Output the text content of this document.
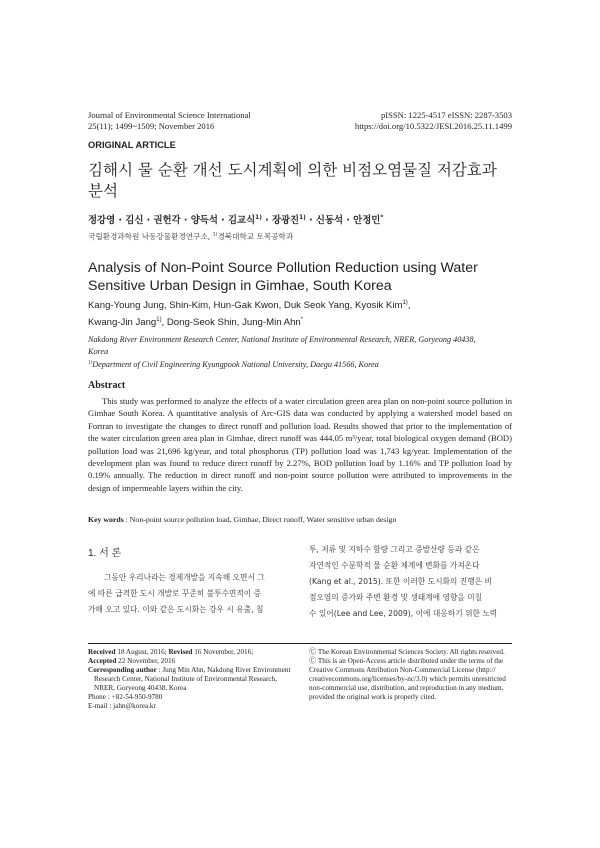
Journal of Environmental Science International
25(11); 1499~1509; November 2016
pISSN: 1225-4517 eISSN: 2287-3503
https://doi.org/10.5322/JESI.2016.25.11.1499
ORIGINAL ARTICLE
김해시 물 순환 개선 도시계획에 의한 비점오염물질 저감효과
분석
정강영 · 김신 · 권헌각 · 양득석 · 김교식$^{1)}$ · 장광진$^{1)}$ · 신동석 · 안정민*
국립환경과학원 낙동강물환경연구소, $^{1)}$경북대학교 토목공학과
Analysis of Non-Point Source Pollution Reduction using Water
Sensitive Urban Design in Gimhae, South Korea
Kang-Young Jung, Shin-Kim, Hun-Gak Kwon, Duk Seok Yang, Kyosik Kim$^{1)}$,
Kwang-Jin Jang$^{1)}$, Dong-Seok Shin, Jung-Min Ahn*
Nakdong River Environment Research Center, National Institute of Environmental Research, NRER, Goryeong 40438,
Korea
$^{1)}$Department of Civil Engineering Kyungpook National University, Daegu 41566, Korea
Abstract
This study was performed to analyze the effects of a water circulation green area plan on non-point source pollution in Gimhae South Korea. A quantitative analysis of Arc-GIS data was conducted by applying a watershed model based on Fortran to investigate the changes to direct runoff and pollution load. Results showed that prior to the implementation of the water circulation green area plan in Gimhae, direct runoff was 444.05 m³/year, total biological oxygen demand (BOD) pollution load was 21,696 kg/year, and total phosphorus (TP) pollution load was 1,743 kg/year. Implementation of the development plan was found to reduce direct runoff by 2.27%, BOD pollution load by 1.16% and TP pollution load by 0.19% annually. The reduction in direct runoff and non-point source pollution were attributed to improvements in the design of impermeable layers within the city.
Key words : Non-point source pollution load, Gimhae, Direct runoff, Water sensitive urban design
1. 서 론
그동안 우리나라는 경제개발을 지속해 오면서 그
에 따른 급격한 도시 개발로 꾸준히 불투수면적이 증
가해 오고 있다. 이와 같은 도시화는 강우 시 유출, 침
투, 저류 및 지하수 함량 그리고 증발산량 등과 같은
자연적인 수문학적 물 순환 체계에 변화를 가져온다
(Kang et al., 2015). 또한 이러한 도시화의 진행은 비
점오염의 증가와 주변 환경 및 생태계에 영향을 미칠
수 있어(Lee and Lee, 2009), 이에 대응하기 위한 노력
Received 18 August, 2016; Revised 16 November, 2016;
Accepted 22 November, 2016
Corresponding author : Jung Min Ahn, Nakdong River Environment
Research Center, National Institute of Environmental Research,
NRER, Goryeong 40438, Korea
Phone : +82-54-950-9780
E-mail : jahn@korea.kr
Ⓒ The Korean Environmental Sciences Society. All rights reserved.
Ⓒ This is an Open-Access article distributed under the terms of the
Creative Commons Attribution Non-Commercial License (http://
creativecommons.org/licenses/by-nc/3.0) which permits unrestricted
non-commercial use, distribution, and reproduction in any medium,
provided the original work is properly cited.
